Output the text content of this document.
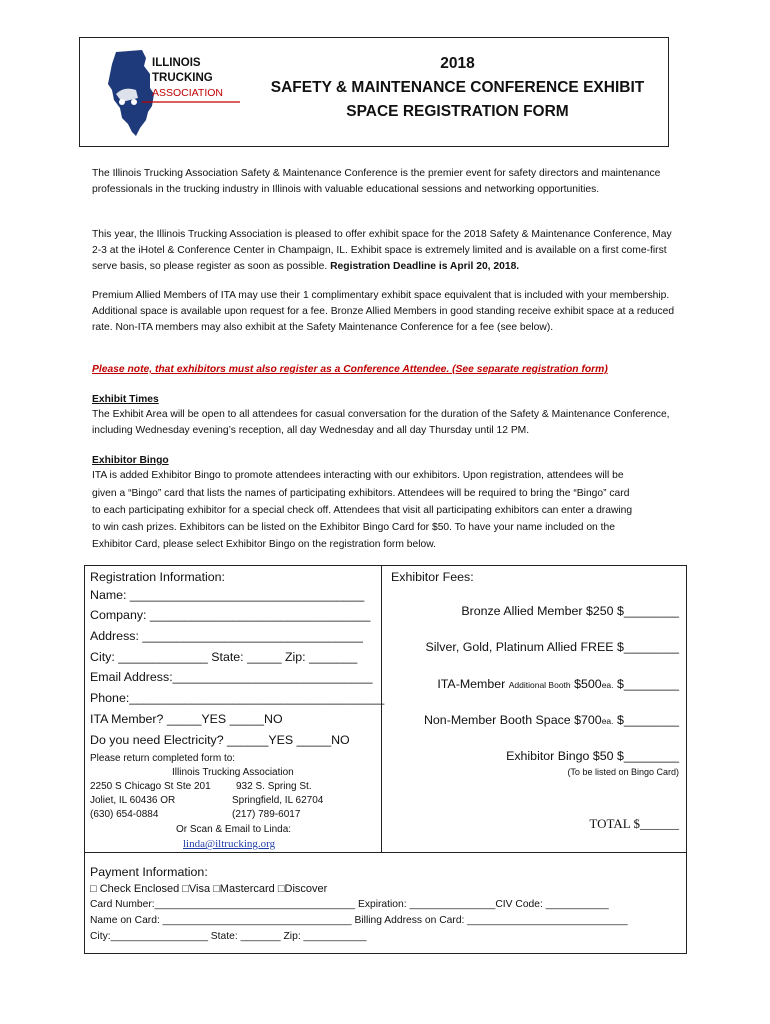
ILLINOIS
TRUCKING
ASSOCIATION
2018
SAFETY & MAINTENANCE CONFERENCE EXHIBIT
SPACE REGISTRATION FORM
The Illinois Trucking Association Safety & Maintenance Conference is the premier event for safety directors and maintenance professionals in the trucking industry in Illinois with valuable educational sessions and networking opportunities.
This year, the Illinois Trucking Association is pleased to offer exhibit space for the 2018 Safety & Maintenance Conference, May 2-3 at the iHotel & Conference Center in Champaign, IL. Exhibit space is extremely limited and is available on a first come-first serve basis, so please register as soon as possible. Registration Deadline is April 20, 2018.
Premium Allied Members of ITA may use their 1 complimentary exhibit space equivalent that is included with your membership. Additional space is available upon request for a fee. Bronze Allied Members in good standing receive exhibit space at a reduced rate. Non-ITA members may also exhibit at the Safety Maintenance Conference for a fee (see below).
Please note, that exhibitors must also register as a Conference Attendee. (See separate registration form)
Exhibit Times
The Exhibit Area will be open to all attendees for casual conversation for the duration of the Safety & Maintenance Conference, including Wednesday evening’s reception, all day Wednesday and all day Thursday until 12 PM.
Exhibitor Bingo
ITA is added Exhibitor Bingo to promote attendees interacting with our exhibitors. Upon registration, attendees will be
given a “Bingo” card that lists the names of participating exhibitors. Attendees will be required to bring the “Bingo” card
to each participating exhibitor for a special check off. Attendees that visit all participating exhibitors can enter a drawing
to win cash prizes. Exhibitors can be listed on the Exhibitor Bingo Card for $50. To have your name included on the
Exhibitor Card, please select Exhibitor Bingo on the registration form below.
Registration Information:
Name: __________________________________
Company: ________________________________
Address: ________________________________
City: _____________ State: _____ Zip: _______
Email Address:_____________________________
Phone:_____________________________________
ITA Member? _____YES _____NO
Do you need Electricity? ______YES _____NO
Please return completed form to:
Illinois Trucking Association
2250 S Chicago St Ste 201	932 S. Spring St.
Joliet, IL 60436 OR	Springfield, IL 62704
(630) 654-0884	(217) 789-6017
Or Scan & Email to Linda:
linda@iltrucking.org
Exhibitor Fees:
Bronze Allied Member $250 $________
Silver, Gold, Platinum Allied FREE $________
ITA-Member Additional Booth $500ea. $________
Non-Member Booth Space $700ea. $________
Exhibitor Bingo $50 $________
(To be listed on Bingo Card)
TOTAL $______
Payment Information:
□ Check Enclosed □Visa □Mastercard □Discover
Card Number:___________________________________ Expiration: _______________CIV Code: ___________
Name on Card: _________________________________ Billing Address on Card: ____________________________
City:_________________ State: _______ Zip: ___________
